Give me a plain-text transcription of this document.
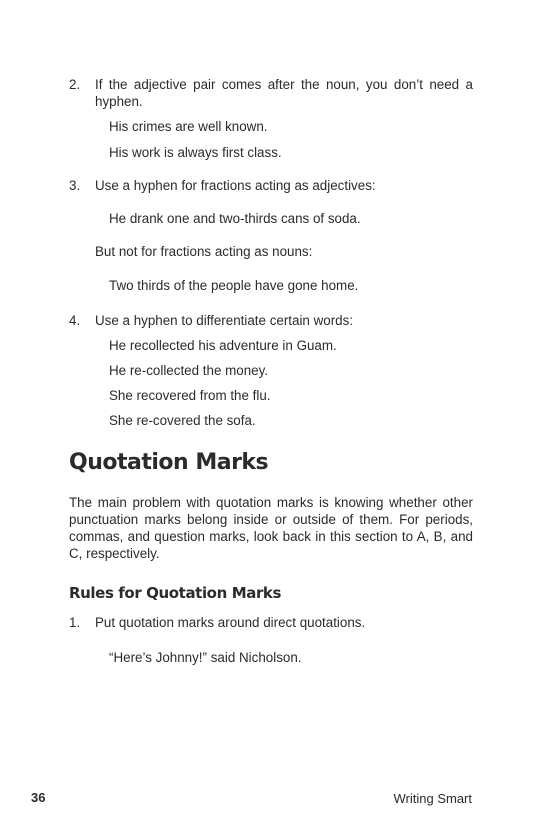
2. If the adjective pair comes after the noun, you don’t need a hyphen.
His crimes are well known.
His work is always first class.
3. Use a hyphen for fractions acting as adjectives:
He drank one and two-thirds cans of soda.
But not for fractions acting as nouns:
Two thirds of the people have gone home.
4. Use a hyphen to differentiate certain words:
He recollected his adventure in Guam.
He re-collected the money.
She recovered from the flu.
She re-covered the sofa.
Quotation Marks
The main problem with quotation marks is knowing whether other punctuation marks belong inside or outside of them. For periods, commas, and question marks, look back in this section to A, B, and C, respectively.
Rules for Quotation Marks
1. Put quotation marks around direct quotations.
“Here’s Johnny!” said Nicholson.
36	Writing Smart
